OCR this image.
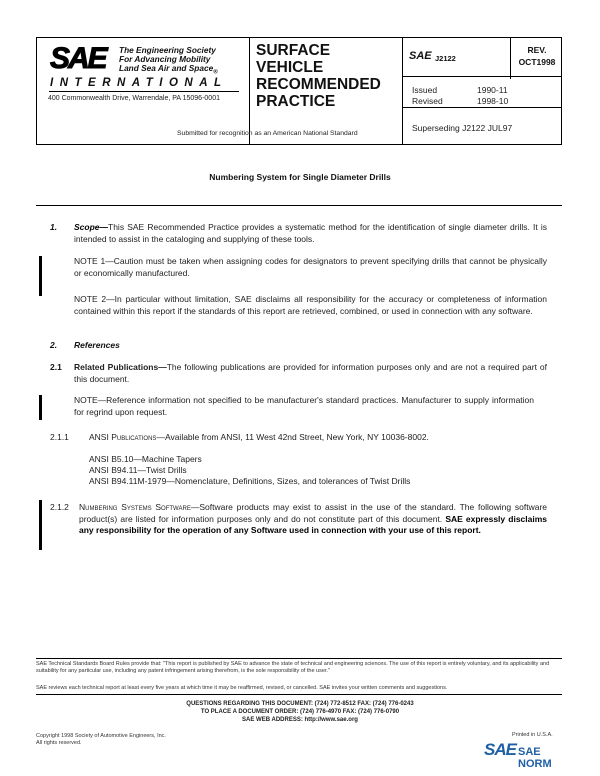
SAE The Engineering Society
For Advancing Mobility
Land Sea Air and Space$_®$
INTERNATIONAL
400 Commonwealth Drive, Warrendale, PA 15096-0001
Submitted for recognition as an American National Standard
SURFACE
VEHICLE
RECOMMENDED
PRACTICE
SAE J2122
REV.
OCT1998
Issued	1990-11
Revised	1998-10
Superseding J2122 JUL97
Numbering System for Single Diameter Drills
1. Scope—This SAE Recommended Practice provides a systematic method for the identification of single diameter drills. It is intended to assist in the cataloging and supplying of these tools.
NOTE 1—Caution must be taken when assigning codes for designators to prevent specifying drills that cannot be physically or economically manufactured.
NOTE 2—In particular without limitation, SAE disclaims all responsibility for the accuracy or completeness of information contained within this report if the standards of this report are retrieved, combined, or used in connection with any software.
2. References
2.1 Related Publications—The following publications are provided for information purposes only and are not a required part of this document.
NOTE—Reference information not specified to be manufacturer's standard practices. Manufacturer to supply information for regrind upon request.
2.1.1 ANSI Publications—Available from ANSI, 11 West 42nd Street, New York, NY 10036-8002.
ANSI B5.10—Machine Tapers
ANSI B94.11—Twist Drills
ANSI B94.11M-1979—Nomenclature, Definitions, Sizes, and tolerances of Twist Drills
2.1.2 Numbering Systems Software—Software products may exist to assist in the use of the standard. The following software product(s) are listed for information purposes only and do not constitute part of this document. SAE expressly disclaims any responsibility for the operation of any Software used in connection with your use of this report.
SAE Technical Standards Board Rules provide that: "This report is published by SAE to advance the state of technical and engineering sciences. The use of this report is entirely voluntary, and its applicability and suitability for any particular use, including any patent infringement arising therefrom, is the sole responsibility of the user."
SAE reviews each technical report at least every five years at which time it may be reaffirmed, revised, or cancelled. SAE invites your written comments and suggestions.
QUESTIONS REGARDING THIS DOCUMENT: (724) 772-8512 FAX: (724) 776-0243
TO PLACE A DOCUMENT ORDER: (724) 776-4970 FAX: (724) 776-0790
SAE WEB ADDRESS: http://www.sae.org
Copyright 1998 Society of Automotive Engineers, Inc.
All rights reserved.
Printed in U.S.A.
SAE SAE NORM
